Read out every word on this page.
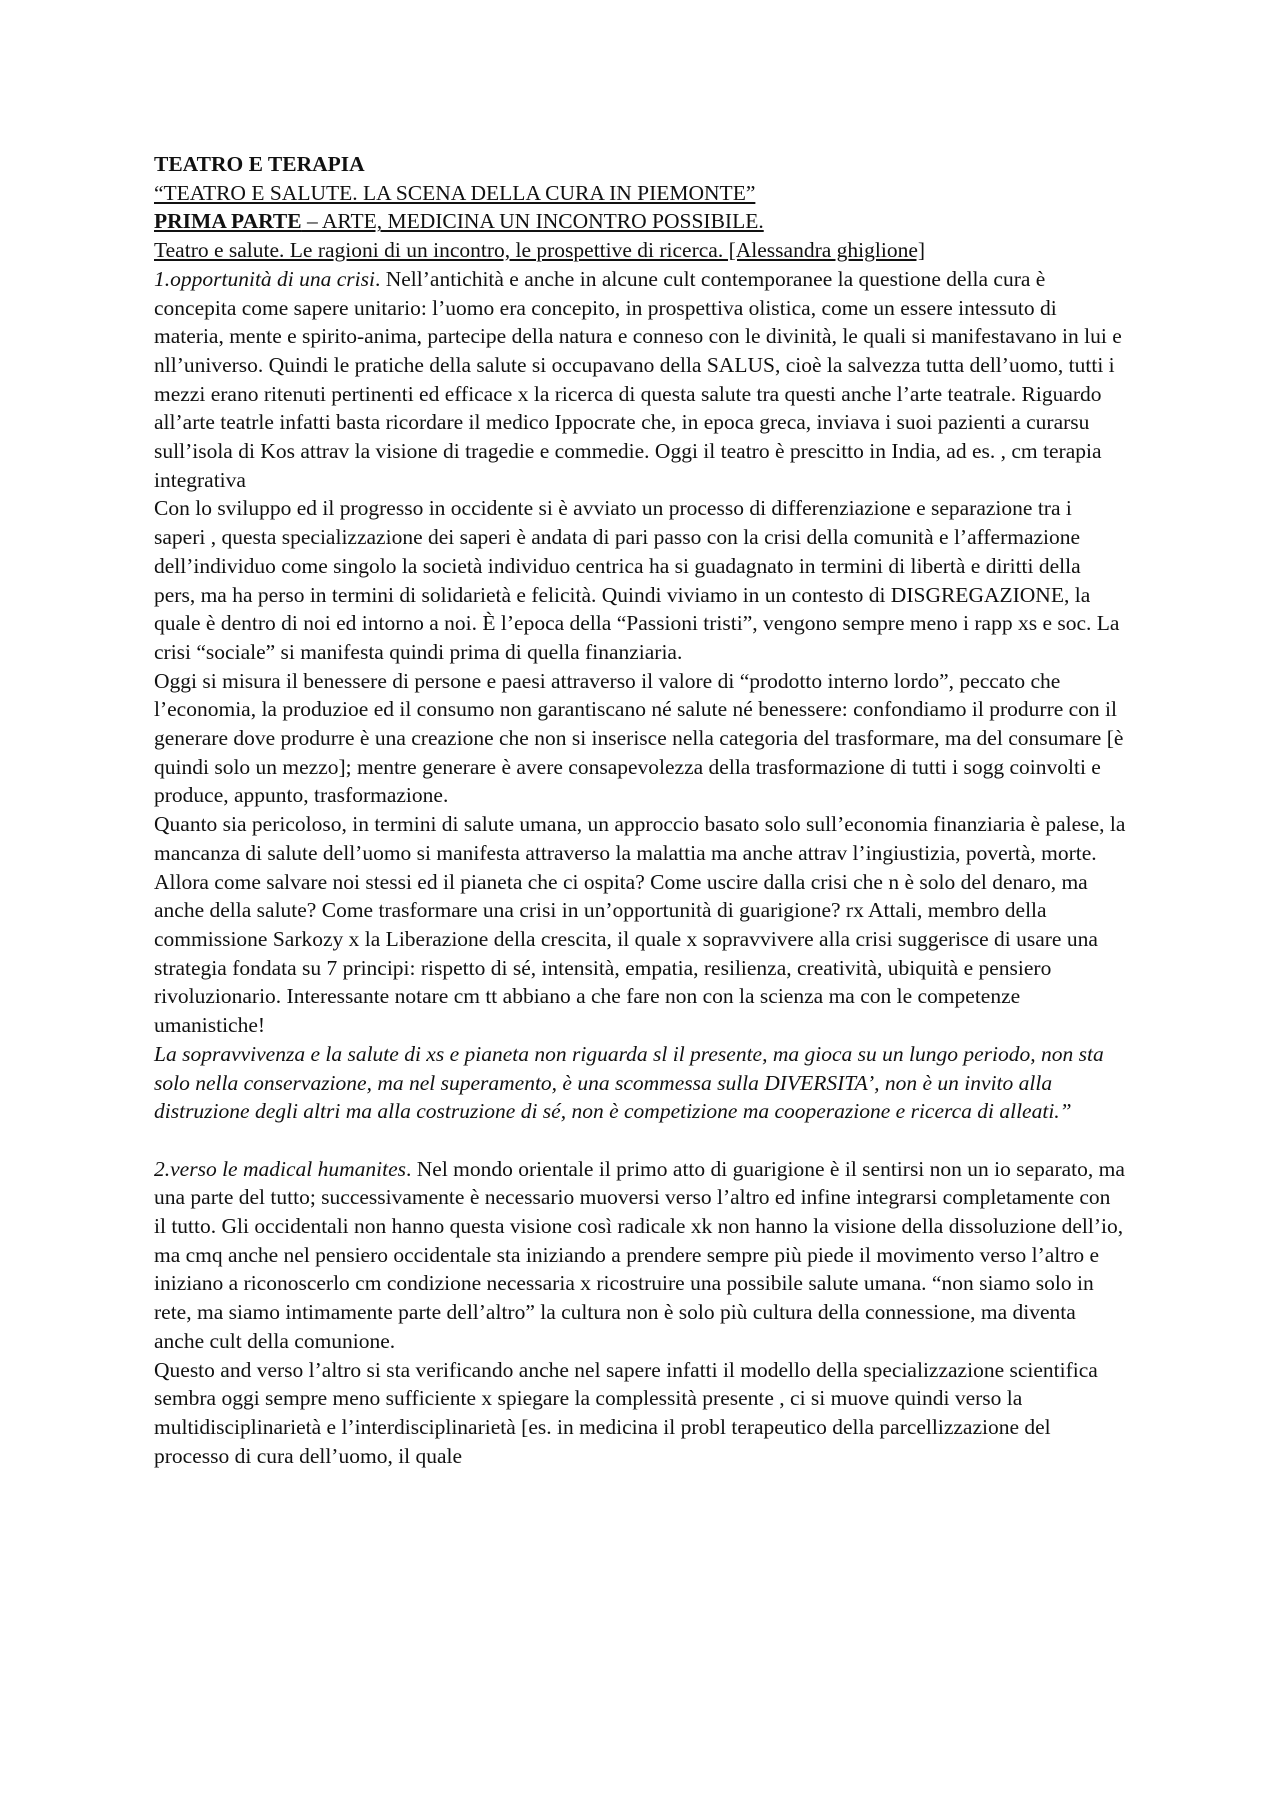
TEATRO E TERAPIA

“TEATRO E SALUTE. LA SCENA DELLA CURA IN PIEMONTE”

PRIMA PARTE – ARTE, MEDICINA UN INCONTRO POSSIBILE.

Teatro e salute. Le ragioni di un incontro, le prospettive di ricerca. [Alessandra ghiglione]

1.opportunità di una crisi. Nell’antichità e anche in alcune cult contemporanee la questione della cura è concepita come sapere unitario: l’uomo era concepito, in prospettiva olistica, come un essere intessuto di materia, mente e spirito-anima, partecipe della natura e conneso con le divinità, le quali si manifestavano in lui e nll’universo. Quindi le pratiche della salute si occupavano della SALUS, cioè la salvezza tutta dell’uomo, tutti i mezzi erano ritenuti pertinenti ed efficace x la ricerca di questa salute tra questi anche l’arte teatrale. Riguardo all’arte teatrle infatti basta ricordare il medico Ippocrate che, in epoca greca, inviava i suoi pazienti a curarsu sull’isola di Kos attrav la visione di tragedie e commedie. Oggi il teatro è prescitto in India, ad es. , cm terapia integrativa

Con lo sviluppo ed il progresso in occidente si è avviato un processo di differenziazione e separazione tra i saperi , questa specializzazione dei saperi è andata di pari passo con la crisi della comunità e l’affermazione dell’individuo come singolo la società individuo centrica ha si guadagnato in termini di libertà e diritti della pers, ma ha perso in termini di solidarietà e felicità. Quindi viviamo in un contesto di DISGREGAZIONE, la quale è dentro di noi ed intorno a noi. È l’epoca della “Passioni tristi”, vengono sempre meno i rapp xs e soc. La crisi “sociale” si manifesta quindi prima di quella finanziaria.

Oggi si misura il benessere di persone e paesi attraverso il valore di “prodotto interno lordo”, peccato che l’economia, la produzioe ed il consumo non garantiscano né salute né benessere: confondiamo il produrre con il generare dove produrre è una creazione che non si inserisce nella categoria del trasformare, ma del consumare [è quindi solo un mezzo]; mentre generare è avere consapevolezza della trasformazione di tutti i sogg coinvolti e produce, appunto, trasformazione.

Quanto sia pericoloso, in termini di salute umana, un approccio basato solo sull’economia finanziaria è palese, la mancanza di salute dell’uomo si manifesta attraverso la malattia ma anche attrav l’ingiustizia, povertà, morte.

Allora come salvare noi stessi ed il pianeta che ci ospita? Come uscire dalla crisi che n è solo del denaro, ma anche della salute? Come trasformare una crisi in un’opportunità di guarigione? rx Attali, membro della commissione Sarkozy x la Liberazione della crescita, il quale x sopravvivere alla crisi suggerisce di usare una strategia fondata su 7 principi: rispetto di sé, intensità, empatia, resilienza, creatività, ubiquità e pensiero rivoluzionario. Interessante notare cm tt abbiano a che fare non con la scienza ma con le competenze umanistiche!

La sopravvivenza e la salute di xs e pianeta non riguarda sl il presente, ma gioca su un lungo periodo, non sta solo nella conservazione, ma nel superamento, è una scommessa sulla DIVERSITA’, non è un invito alla distruzione degli altri ma alla costruzione di sé, non è competizione ma cooperazione e ricerca di alleati.”

2.verso le madical humanites. Nel mondo orientale il primo atto di guarigione è il sentirsi non un io separato, ma una parte del tutto; successivamente è necessario muoversi verso l’altro ed infine integrarsi completamente con il tutto. Gli occidentali non hanno questa visione così radicale xk non hanno la visione della dissoluzione dell’io, ma cmq anche nel pensiero occidentale sta iniziando a prendere sempre più piede il movimento verso l’altro e iniziano a riconoscerlo cm condizione necessaria x ricostruire una possibile salute umana. “non siamo solo in rete, ma siamo intimamente parte dell’altro” la cultura non è solo più cultura della connessione, ma diventa anche cult della comunione.

Questo and verso l’altro si sta verificando anche nel sapere infatti il modello della specializzazione scientifica sembra oggi sempre meno sufficiente x spiegare la complessità presente , ci si muove quindi verso la multidisciplinarietà e l’interdisciplinarietà [es. in medicina il probl terapeutico della parcellizzazione del processo di cura dell’uomo, il quale
